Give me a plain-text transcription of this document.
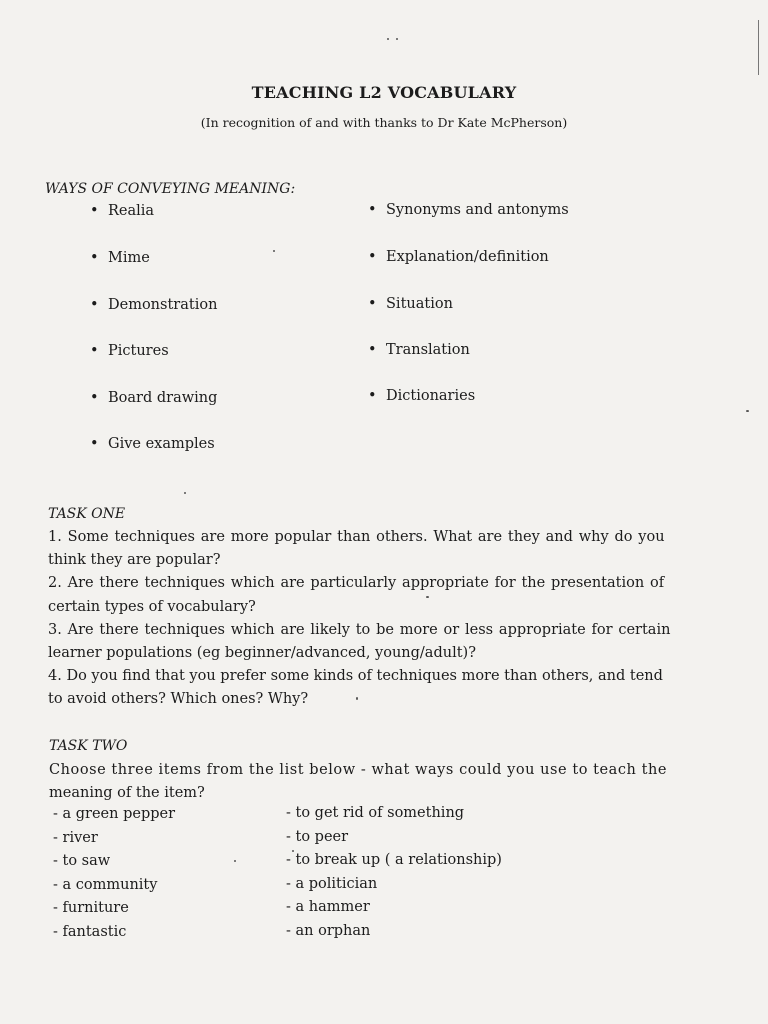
TEACHING L2 VOCABULARY
(In recognition of and with thanks to Dr Kate McPherson)
WAYS OF CONVEYING MEANING:
• Realia
• Mime
• Demonstration
• Pictures
• Board drawing
• Give examples
• Synonyms and antonyms
• Explanation/definition
• Situation
• Translation
• Dictionaries
TASK ONE
1. Some techniques are more popular than others. What are they and why do you
think they are popular?
2. Are there techniques which are particularly appropriate for the presentation of
certain types of vocabulary?
3. Are there techniques which are likely to be more or less appropriate for certain
learner populations (eg beginner/advanced, young/adult)?
4. Do you find that you prefer some kinds of techniques more than others, and tend
to avoid others? Which ones? Why?
TASK TWO
Choose three items from the list below - what ways could you use to teach the
meaning of the item?
- a green pepper
- river
- to saw
- a community
- furniture
- fantastic
- to get rid of something
- to peer
- to break up ( a relationship)
- a politician
- a hammer
- an orphan
